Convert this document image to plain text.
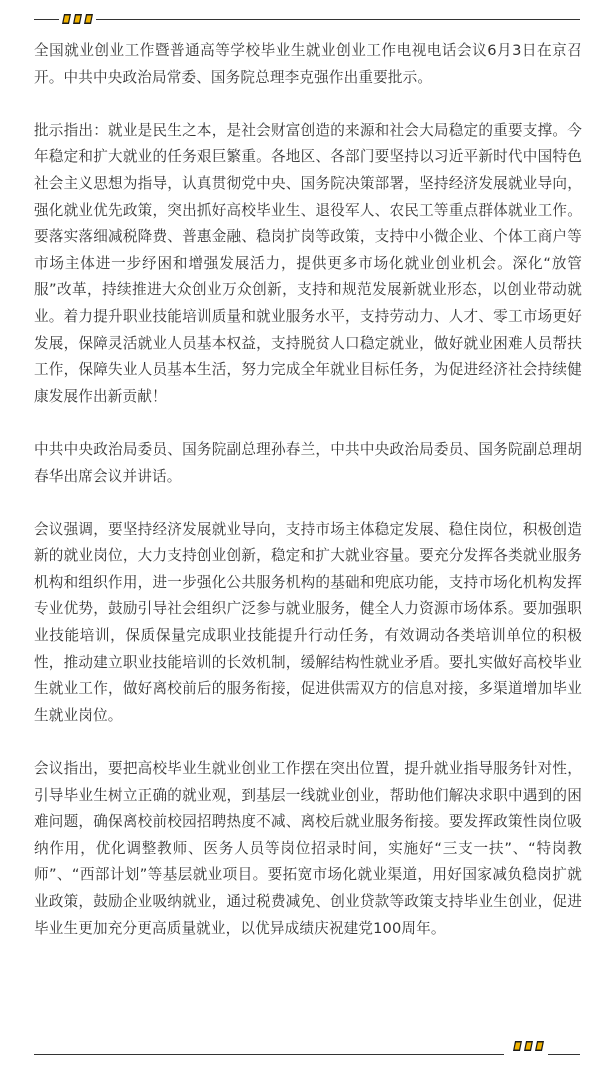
全国就业创业工作暨普通高等学校毕业生就业创业工作电视电话会议6月3日在京召开。中共中央政治局常委、国务院总理李克强作出重要批示。

批示指出：就业是民生之本，是社会财富创造的来源和社会大局稳定的重要支撑。今年稳定和扩大就业的任务艰巨繁重。各地区、各部门要坚持以习近平新时代中国特色社会主义思想为指导，认真贯彻党中央、国务院决策部署，坚持经济发展就业导向，强化就业优先政策，突出抓好高校毕业生、退役军人、农民工等重点群体就业工作。要落实落细减税降费、普惠金融、稳岗扩岗等政策，支持中小微企业、个体工商户等市场主体进一步纾困和增强发展活力，提供更多市场化就业创业机会。深化“放管服”改革，持续推进大众创业万众创新，支持和规范发展新就业形态，以创业带动就业。着力提升职业技能培训质量和就业服务水平，支持劳动力、人才、零工市场更好发展，保障灵活就业人员基本权益，支持脱贫人口稳定就业，做好就业困难人员帮扶工作，保障失业人员基本生活，努力完成全年就业目标任务，为促进经济社会持续健康发展作出新贡献！

中共中央政治局委员、国务院副总理孙春兰，中共中央政治局委员、国务院副总理胡春华出席会议并讲话。

会议强调，要坚持经济发展就业导向，支持市场主体稳定发展、稳住岗位，积极创造新的就业岗位，大力支持创业创新，稳定和扩大就业容量。要充分发挥各类就业服务机构和组织作用，进一步强化公共服务机构的基础和兜底功能，支持市场化机构发挥专业优势，鼓励引导社会组织广泛参与就业服务，健全人力资源市场体系。要加强职业技能培训，保质保量完成职业技能提升行动任务，有效调动各类培训单位的积极性，推动建立职业技能培训的长效机制，缓解结构性就业矛盾。要扎实做好高校毕业生就业工作，做好离校前后的服务衔接，促进供需双方的信息对接，多渠道增加毕业生就业岗位。

会议指出，要把高校毕业生就业创业工作摆在突出位置，提升就业指导服务针对性，引导毕业生树立正确的就业观，到基层一线就业创业，帮助他们解决求职中遇到的困难问题，确保离校前校园招聘热度不减、离校后就业服务衔接。要发挥政策性岗位吸纳作用，优化调整教师、医务人员等岗位招录时间，实施好“三支一扶”、“特岗教师”、“西部计划”等基层就业项目。要拓宽市场化就业渠道，用好国家减负稳岗扩就业政策，鼓励企业吸纳就业，通过税费减免、创业贷款等政策支持毕业生创业，促进毕业生更加充分更高质量就业，以优异成绩庆祝建党100周年。
